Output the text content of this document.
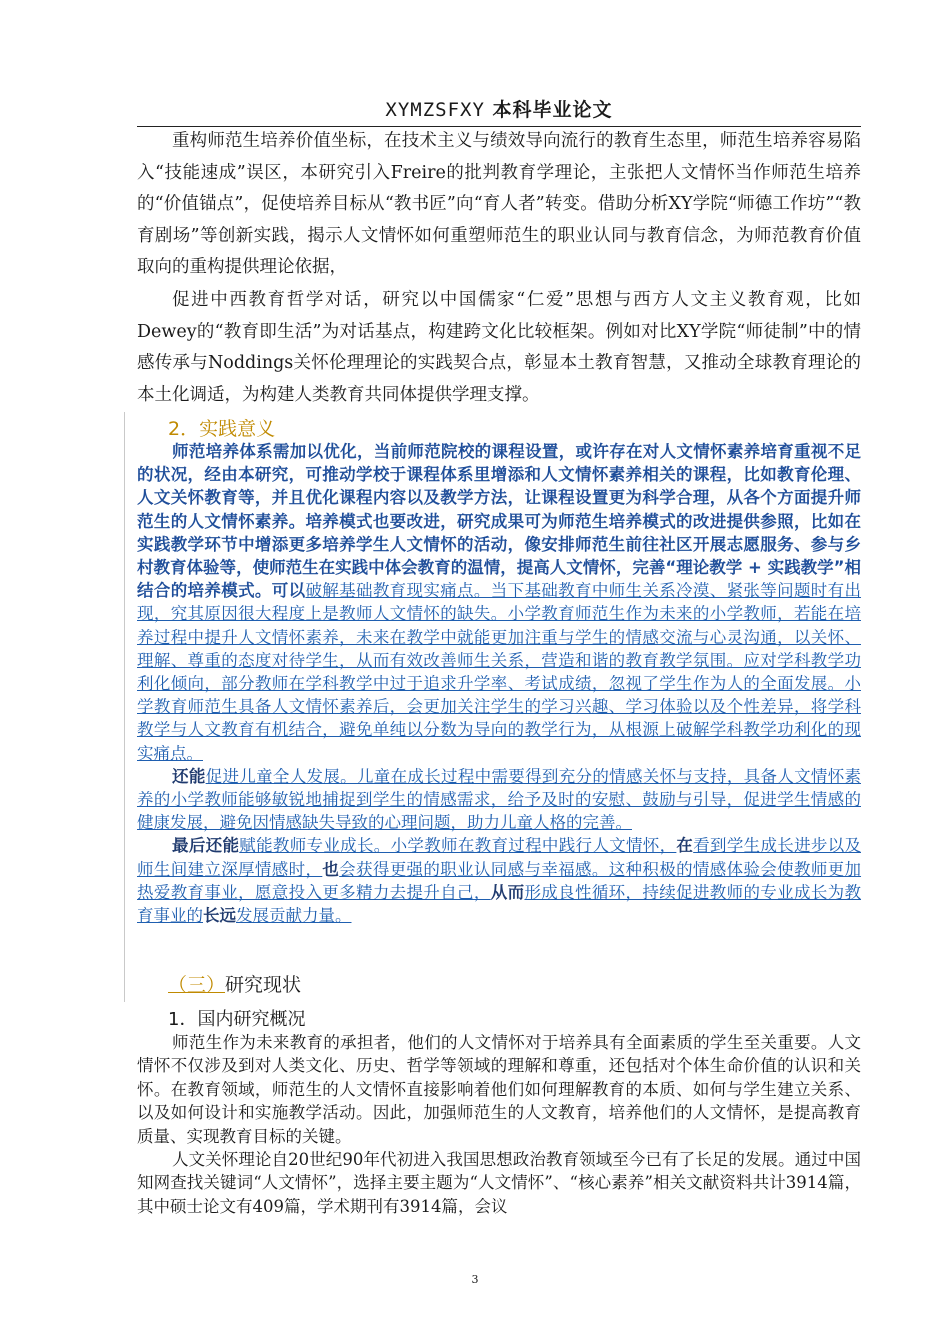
XYMZSFXY 本科毕业论文

重构师范生培养价值坐标，在技术主义与绩效导向流行的教育生态里，师范生培养容易陷入“技能速成”误区，本研究引入Freire的批判教育学理论，主张把人文情怀当作师范生培养的“价值锚点”，促使培养目标从“教书匠”向“育人者”转变。借助分析XY学院“师德工作坊”“教育剧场”等创新实践，揭示人文情怀如何重塑师范生的职业认同与教育信念，为师范教育价值取向的重构提供理论依据，

促进中西教育哲学对话，研究以中国儒家“仁爱”思想与西方人文主义教育观，比如Dewey的“教育即生活”为对话基点，构建跨文化比较框架。例如对比XY学院“师徒制”中的情感传承与Noddings关怀伦理理论的实践契合点，彰显本土教育智慧，又推动全球教育理论的本土化调适，为构建人类教育共同体提供学理支撑。

2．实践意义

师范培养体系需加以优化，当前师范院校的课程设置，或许存在对人文情怀素养培育重视不足的状况，经由本研究，可推动学校于课程体系里增添和人文情怀素养相关的课程，比如教育伦理、人文关怀教育等，并且优化课程内容以及教学方法，让课程设置更为科学合理，从各个方面提升师范生的人文情怀素养。培养模式也要改进，研究成果可为师范生培养模式的改进提供参照，比如在实践教学环节中增添更多培养学生人文情怀的活动，像安排师范生前往社区开展志愿服务、参与乡村教育体验等，使师范生在实践中体会教育的温情，提高人文情怀，完善“理论教学 + 实践教学”相结合的培养模式。可以破解基础教育现实痛点。当下基础教育中师生关系冷漠、紧张等问题时有出现，究其原因很大程度上是教师人文情怀的缺失。小学教育师范生作为未来的小学教师，若能在培养过程中提升人文情怀素养，未来在教学中就能更加注重与学生的情感交流与心灵沟通，以关怀、理解、尊重的态度对待学生，从而有效改善师生关系，营造和谐的教育教学氛围。应对学科教学功利化倾向，部分教师在学科教学中过于追求升学率、考试成绩，忽视了学生作为人的全面发展。小学教育师范生具备人文情怀素养后，会更加关注学生的学习兴趣、学习体验以及个性差异，将学科教学与人文教育有机结合，避免单纯以分数为导向的教学行为，从根源上破解学科教学功利化的现实痛点。

还能促进儿童全人发展。儿童在成长过程中需要得到充分的情感关怀与支持，具备人文情怀素养的小学教师能够敏锐地捕捉到学生的情感需求，给予及时的安慰、鼓励与引导，促进学生情感的健康发展，避免因情感缺失导致的心理问题，助力儿童人格的完善。

最后还能赋能教师专业成长。小学教师在教育过程中践行人文情怀，在看到学生成长进步以及师生间建立深厚情感时，也会获得更强的职业认同感与幸福感。这种积极的情感体验会使教师更加热爱教育事业，愿意投入更多精力去提升自己，从而形成良性循环，持续促进教师的专业成长为教育事业的长远发展贡献力量。

（三）研究现状
1．国内研究概况

师范生作为未来教育的承担者，他们的人文情怀对于培养具有全面素质的学生至关重要。人文情怀不仅涉及到对人类文化、历史、哲学等领域的理解和尊重，还包括对个体生命价值的认识和关怀。在教育领域，师范生的人文情怀直接影响着他们如何理解教育的本质、如何与学生建立关系、以及如何设计和实施教学活动。因此，加强师范生的人文教育，培养他们的人文情怀，是提高教育质量、实现教育目标的关键。

人文关怀理论自20世纪90年代初进入我国思想政治教育领域至今已有了长足的发展。通过中国知网查找关键词“人文情怀”，选择主要主题为“人文情怀”、“核心素养”相关文献资料共计3914篇，其中硕士论文有409篇，学术期刊有3914篇，会议

3
